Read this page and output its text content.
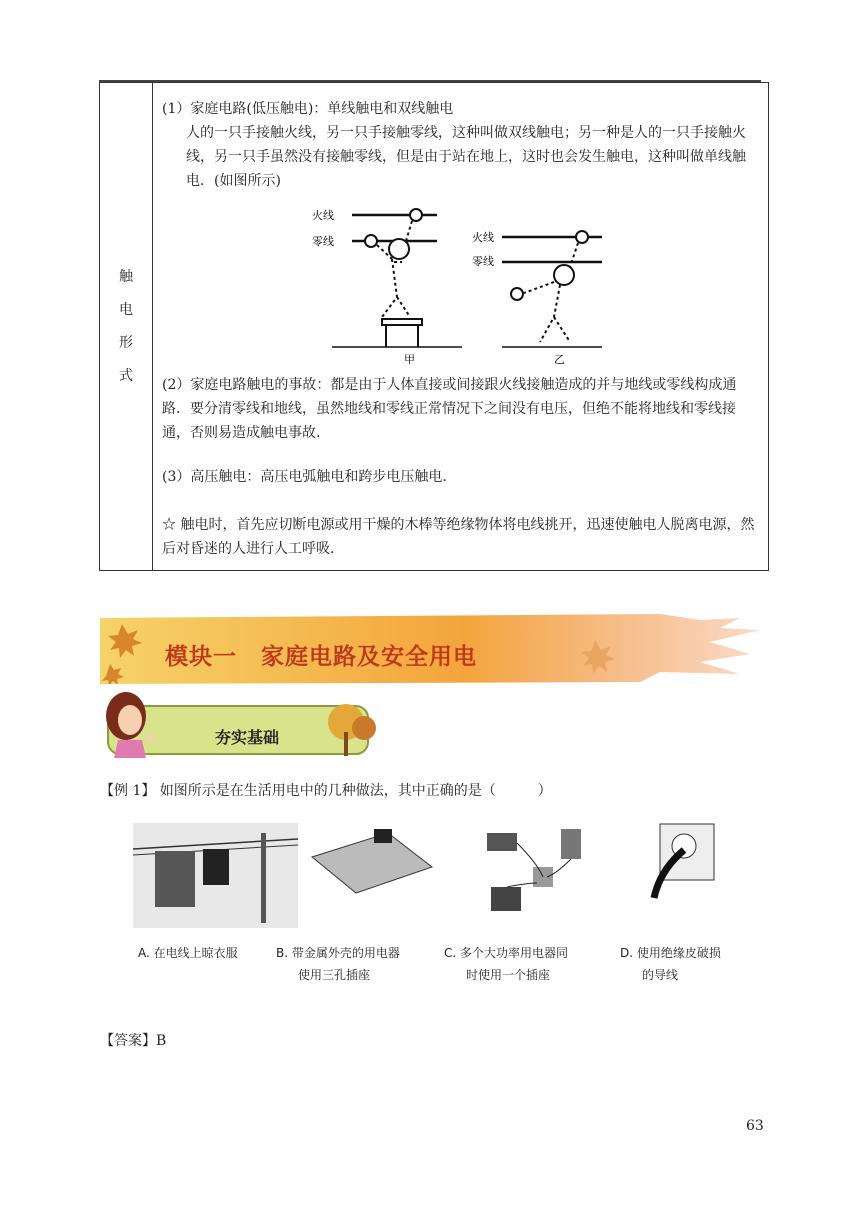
触
电
形
式
(1）家庭电路(低压触电)：单线触电和双线触电
人的一只手接触火线，另一只手接触零线，这种叫做双线触电；另一种是人的一只手接触火线，另一只手虽然没有接触零线，但是由于站在地上，这时也会发生触电，这种叫做单线触电．(如图所示)
火线
零线
甲
火线
零线
乙
(2）家庭电路触电的事故：都是由于人体直接或间接跟火线接触造成的并与地线或零线构成通路．要分清零线和地线，虽然地线和零线正常情况下之间没有电压，但绝不能将地线和零线接通，否则易造成触电事故.
(3）高压触电：高压电弧触电和跨步电压触电.
☆ 触电时，首先应切断电源或用干燥的木棒等绝缘物体将电线挑开，迅速使触电人脱离电源，然后对昏迷的人进行人工呼吸.
模块一　家庭电路及安全用电
夯实基础
【例 1】 如图所示是在生活用电中的几种做法，其中正确的是（　　　）
A. 在电线上晾衣服	B. 带金属外壳的用电器
使用三孔插座
C. 多个大功率用电器同
时使用一个插座
D. 使用绝缘皮破损
的导线
【答案】B
63
